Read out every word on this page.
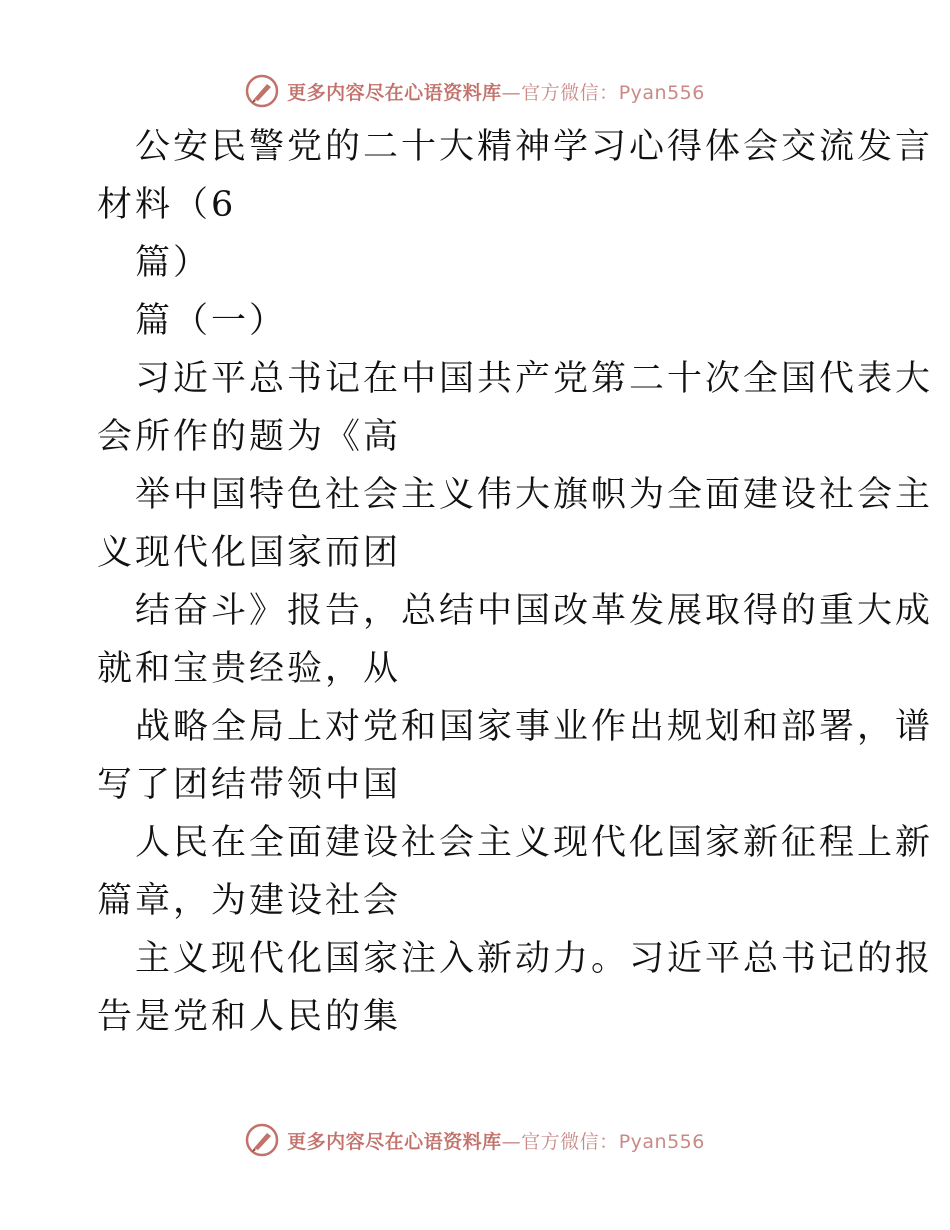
更多内容尽在心语资料库—官方微信：Pyan556
公安民警党的二十大精神学习心得体会交流发言
材料（6
篇）
篇（一）
习近平总书记在中国共产党第二十次全国代表大
会所作的题为《高
举中国特色社会主义伟大旗帜为全面建设社会主
义现代化国家而团
结奋斗》报告，总结中国改革发展取得的重大成
就和宝贵经验，从
战略全局上对党和国家事业作出规划和部署，谱
写了团结带领中国
人民在全面建设社会主义现代化国家新征程上新
篇章，为建设社会
主义现代化国家注入新动力。习近平总书记的报
告是党和人民的集
更多内容尽在心语资料库—官方微信：Pyan556
